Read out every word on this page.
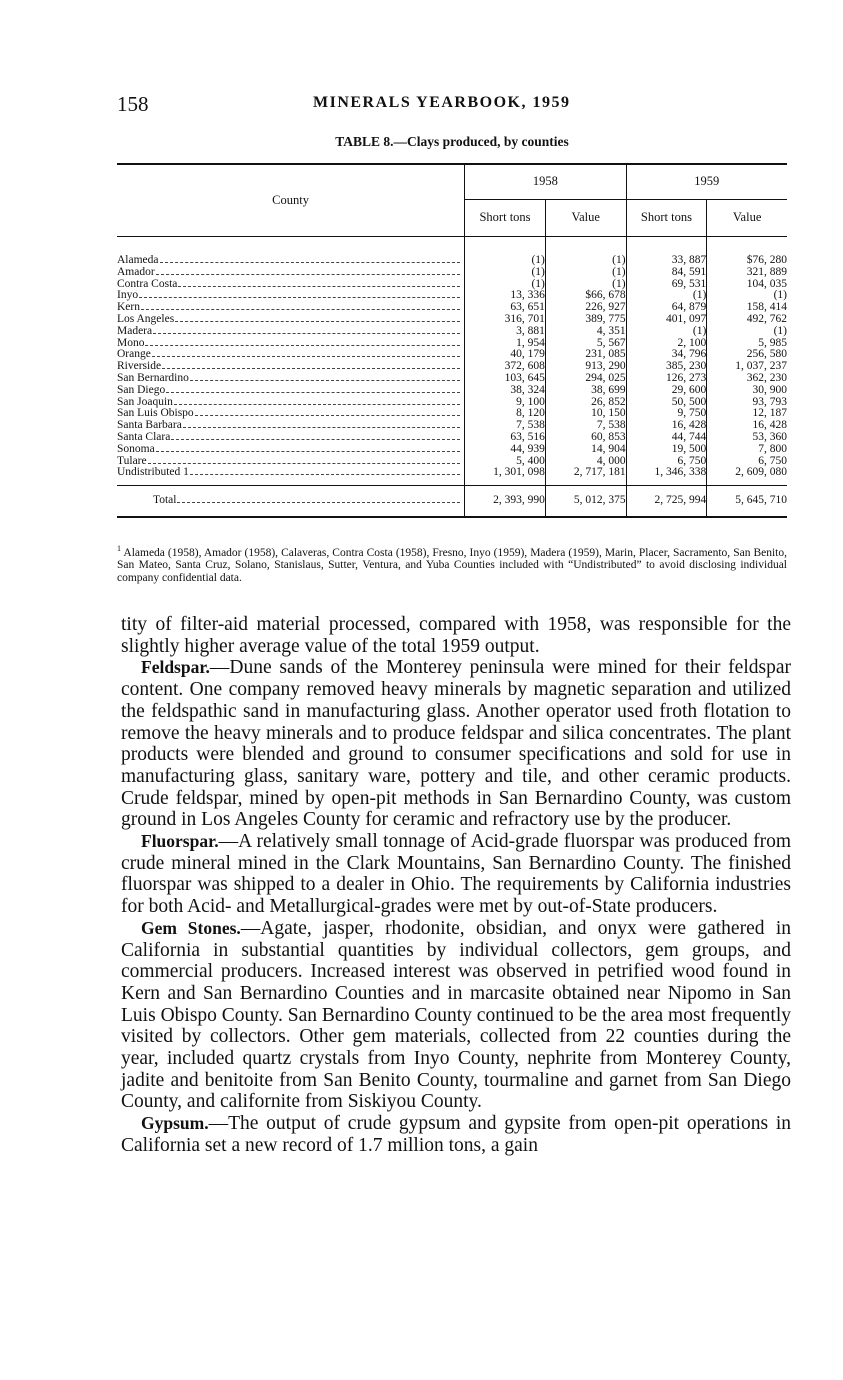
158	MINERALS YEARBOOK, 1959
TABLE 8.—Clays produced, by counties
County	1958		1959	
	Short tons	Value	Short tons	Value

Alameda	(1)	(1)	33, 887	$76, 280

Amador	(1)	(1)	84, 591	321, 889

Contra Costa	(1)	(1)	69, 531	104, 035

Inyo	13, 336	$66, 678	(1)	(1)

Kern	63, 651	226, 927	64, 879	158, 414

Los Angeles	316, 701	389, 775	401, 097	492, 762

Madera	3, 881	4, 351	(1)	(1)

Mono	1, 954	5, 567	2, 100	5, 985

Orange	40, 179	231, 085	34, 796	256, 580

Riverside	372, 608	913, 290	385, 230	1, 037, 237

San Bernardino	103, 645	294, 025	126, 273	362, 230

San Diego	38, 324	38, 699	29, 600	30, 900

San Joaquin	9, 100	26, 852	50, 500	93, 793

San Luis Obispo	8, 120	10, 150	9, 750	12, 187

Santa Barbara	7, 538	7, 538	16, 428	16, 428

Santa Clara	63, 516	60, 853	44, 744	53, 360

Sonoma	44, 939	14, 904	19, 500	7, 800

Tulare	5, 400	4, 000	6, 750	6, 750

Undistributed 1	1, 301, 098	2, 717, 181	1, 346, 338	2, 609, 080

Total	2, 393, 990	5, 012, 375	2, 725, 994	5, 645, 710
$^1$ Alameda (1958), Amador (1958), Calaveras, Contra Costa (1958), Fresno, Inyo (1959), Madera (1959), Marin, Placer, Sacramento, San Benito, San Mateo, Santa Cruz, Solano, Stanislaus, Sutter, Ventura, and Yuba Counties included with “Undistributed” to avoid disclosing individual company confidential data.

tity of filter-aid material processed, compared with 1958, was responsible for the slightly higher average value of the total 1959 output.

Feldspar.—Dune sands of the Monterey peninsula were mined for their feldspar content. One company removed heavy minerals by magnetic separation and utilized the feldspathic sand in manufacturing glass. Another operator used froth flotation to remove the heavy minerals and to produce feldspar and silica concentrates. The plant products were blended and ground to consumer specifications and sold for use in manufacturing glass, sanitary ware, pottery and tile, and other ceramic products. Crude feldspar, mined by open-pit methods in San Bernardino County, was custom ground in Los Angeles County for ceramic and refractory use by the producer.

Fluorspar.—A relatively small tonnage of Acid-grade fluorspar was produced from crude mineral mined in the Clark Mountains, San Bernardino County. The finished fluorspar was shipped to a dealer in Ohio. The requirements by California industries for both Acid- and Metallurgical-grades were met by out-of-State producers.

Gem Stones.—Agate, jasper, rhodonite, obsidian, and onyx were gathered in California in substantial quantities by individual collectors, gem groups, and commercial producers. Increased interest was observed in petrified wood found in Kern and San Bernardino Counties and in marcasite obtained near Nipomo in San Luis Obispo County. San Bernardino County continued to be the area most frequently visited by collectors. Other gem materials, collected from 22 counties during the year, included quartz crystals from Inyo County, nephrite from Monterey County, jadite and benitoite from San Benito County, tourmaline and garnet from San Diego County, and californite from Siskiyou County.

Gypsum.—The output of crude gypsum and gypsite from open-pit operations in California set a new record of 1.7 million tons, a gain
